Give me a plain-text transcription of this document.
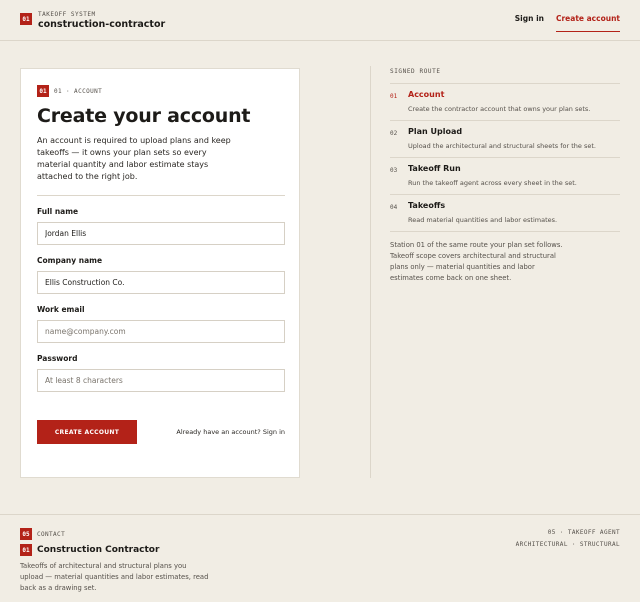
01
TAKEOFF SYSTEM
construction-contractor
Sign in Create account
01	01 · ACCOUNT
Create your account

An account is required to upload plans and keep takeoffs — it owns your plan sets so every material quantity and labor estimate stays attached to the right job.

Full name
Jordan Ellis
Company name
Ellis Construction Co.
Work email
name@company.com
Password
CREATE ACCOUNT	Already have an account? Sign in
SIGNED ROUTE
01	Account
Create the contractor account that owns your plan sets.
02	Plan Upload
Upload the architectural and structural sheets for the set.
03	Takeoff Run
Run the takeoff agent across every sheet in the set.
04	Takeoffs
Read material quantities and labor estimates.

Station 01 of the same route your plan set follows. Takeoff scope covers architectural and structural plans only — material quantities and labor estimates come back on one sheet.

05	CONTACT
01 Construction Contractor

Takeoffs of architectural and structural plans you upload — material quantities and labor estimates, read back as a drawing set.

05 · TAKEOFF AGENT
ARCHITECTURAL · STRUCTURAL
